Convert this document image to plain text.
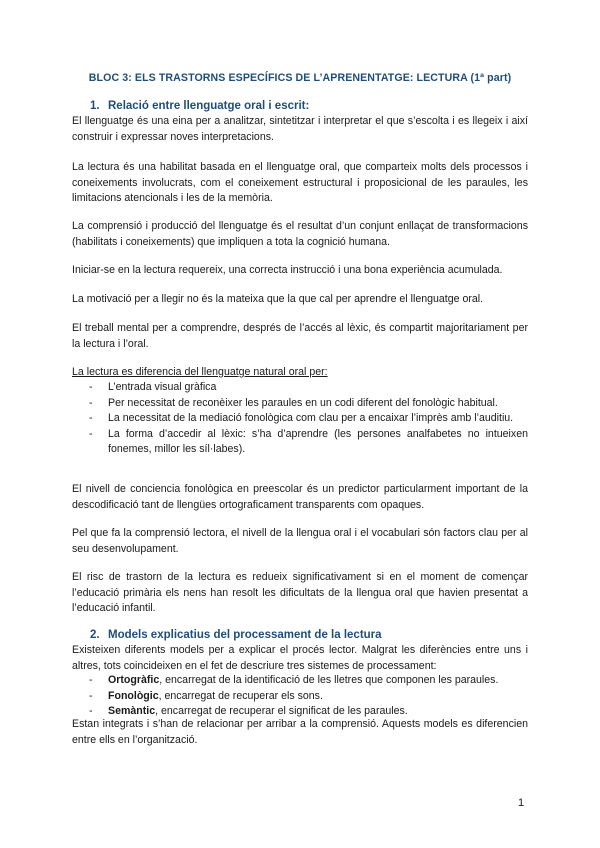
BLOC 3: ELS TRASTORNS ESPECÍFICS DE L’APRENENTATGE: LECTURA (1ª part)
1. Relació entre llenguatge oral i escrit:

El llenguatge és una eina per a analitzar, sintetitzar i interpretar el que s’escolta i es llegeix i així construir i expressar noves interpretacions.

La lectura és una habilitat basada en el llenguatge oral, que comparteix molts dels processos i coneixements involucrats, com el coneixement estructural i proposicional de les paraules, les limitacions atencionals i les de la memòria.

La comprensió i producció del llenguatge és el resultat d’un conjunt enllaçat de transformacions (habilitats i coneixements) que impliquen a tota la cognició humana.

Iniciar-se en la lectura requereix, una correcta instrucció i una bona experiència acumulada.

La motivació per a llegir no és la mateixa que la que cal per aprendre el llenguatge oral.

El treball mental per a comprendre, després de l’accés al lèxic, és compartit majoritariament per la lectura i l’oral.

La lectura es diferencia del llenguatge natural oral per:

- L’entrada visual gràfica
- Per necessitat de reconèixer les paraules en un codi diferent del fonològic habitual.
- La necessitat de la mediació fonològica com clau per a encaixar l’imprès amb l’auditiu.
- La forma d’accedir al lèxic: s’ha d’aprendre (les persones analfabetes no intueixen fonemes, millor les síl·labes).

El nivell de conciencia fonològica en preescolar és un predictor particularment important de la descodificació tant de llengües ortograficament transparents com opaques.

Pel que fa la comprensió lectora, el nivell de la llengua oral i el vocabulari són factors clau per al seu desenvolupament.

El risc de trastorn de la lectura es redueix significativament si en el moment de començar l’educació primària els nens han resolt les dificultats de la llengua oral que havien presentat a l’educació infantil.

2. Models explicatius del processament de la lectura

Existeixen diferents models per a explicar el procés lector. Malgrat les diferències entre uns i altres, tots coincideixen en el fet de descriure tres sistemes de processament:

- Ortogràfic, encarregat de la identificació de les lletres que componen les paraules.
- Fonològic, encarregat de recuperar els sons.
- Semàntic, encarregat de recuperar el significat de les paraules.

Estan integrats i s’han de relacionar per arribar a la comprensió. Aquests models es diferencien entre ells en l’organització.

1
